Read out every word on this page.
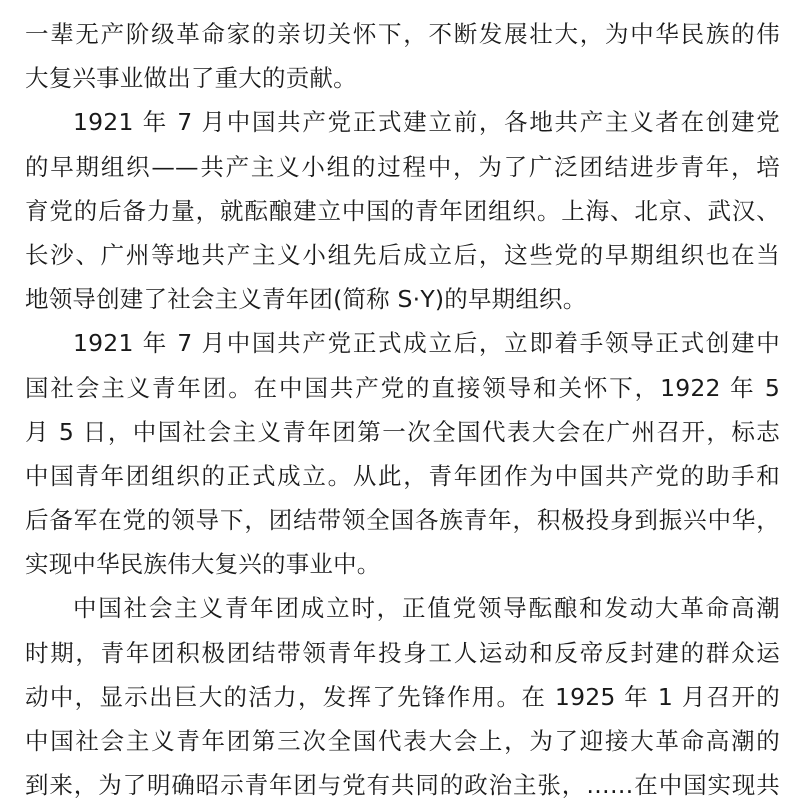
一辈无产阶级革命家的亲切关怀下，不断发展壮大，为中华民族的伟
大复兴事业做出了重大的贡献。
1921 年 7 月中国共产党正式建立前，各地共产主义者在创建党
的早期组织——共产主义小组的过程中，为了广泛团结进步青年，培
育党的后备力量，就酝酿建立中国的青年团组织。上海、北京、武汉、
长沙、广州等地共产主义小组先后成立后，这些党的早期组织也在当
地领导创建了社会主义青年团(简称 S·Y)的早期组织。
1921 年 7 月中国共产党正式成立后，立即着手领导正式创建中
国社会主义青年团。在中国共产党的直接领导和关怀下，1922 年 5
月 5 日，中国社会主义青年团第一次全国代表大会在广州召开，标志
中国青年团组织的正式成立。从此，青年团作为中国共产党的助手和
后备军在党的领导下，团结带领全国各族青年，积极投身到振兴中华，
实现中华民族伟大复兴的事业中。
中国社会主义青年团成立时，正值党领导酝酿和发动大革命高潮
时期，青年团积极团结带领青年投身工人运动和反帝反封建的群众运
动中，显示出巨大的活力，发挥了先锋作用。在 1925 年 1 月召开的
中国社会主义青年团第三次全国代表大会上，为了迎接大革命高潮的
到来，为了明确昭示青年团与党有共同的政治主张，……在中国实现共
